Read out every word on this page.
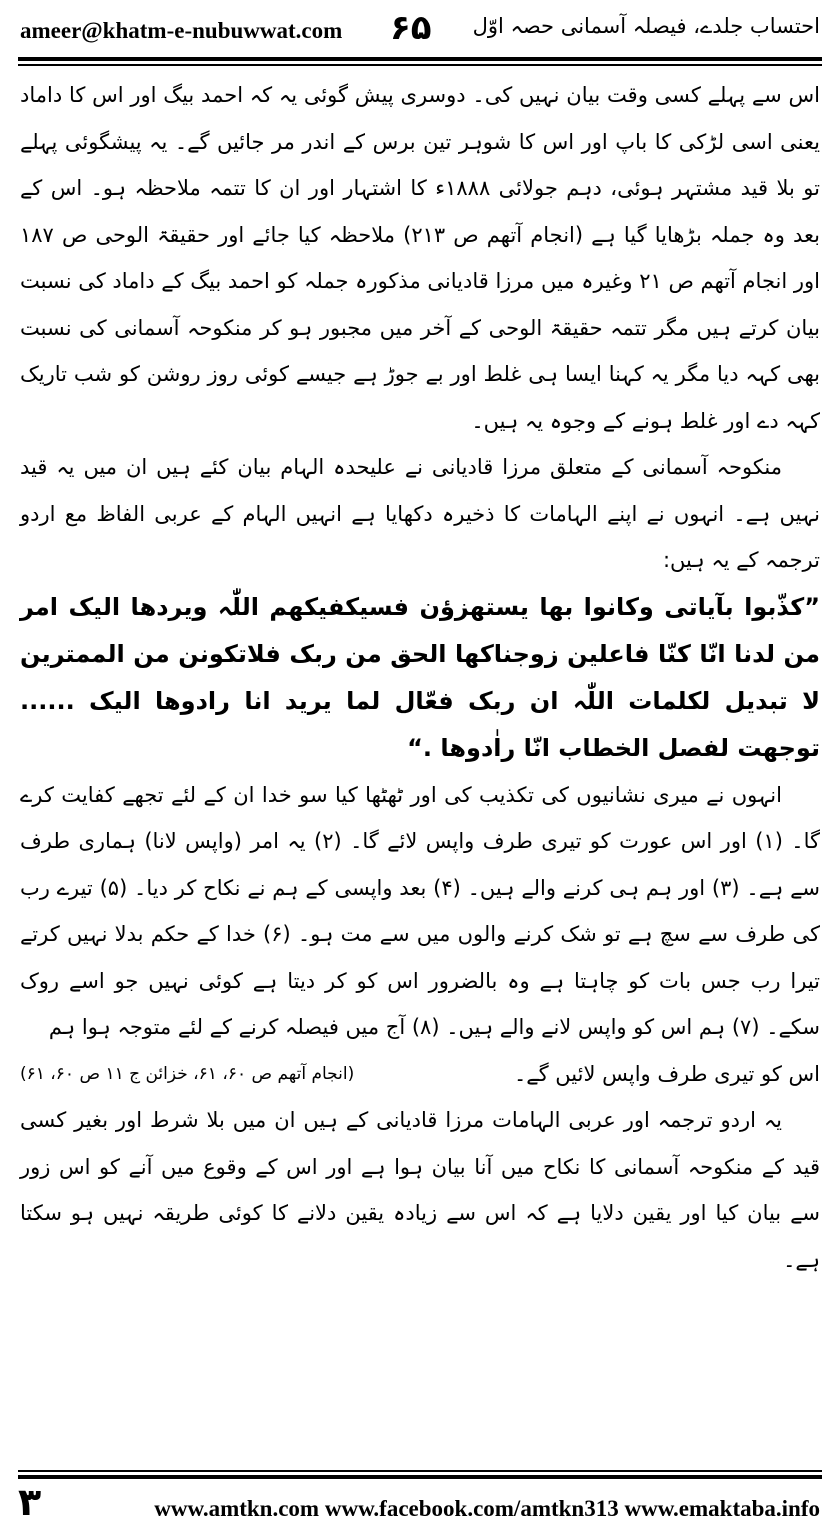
ameer@khatm-e-nubuwwat.com ۶۵ احتساب جلدے، فیصلہ آسمانی حصہ اوّل

اس سے پہلے کسی وقت بیان نہیں کی۔ دوسری پیش گوئی یہ کہ احمد بیگ اور اس کا داماد یعنی اسی لڑکی کا باپ اور اس کا شوہر تین برس کے اندر مر جائیں گے۔ یہ پیشگوئی پہلے تو بلا قید مشتہر ہوئی، دہم جولائی ۱۸۸۸ء کا اشتہار اور ان کا تتمہ ملاحظہ ہو۔ اس کے بعد وہ جملہ بڑھایا گیا ہے (انجام آتھم ص ۲۱۳) ملاحظہ کیا جائے اور حقیقۃ الوحی ص ۱۸۷ اور انجام آتھم ص ۲۱ وغیرہ میں مرزا قادیانی مذکورہ جملہ کو احمد بیگ کے داماد کی نسبت بیان کرتے ہیں مگر تتمہ حقیقۃ الوحی کے آخر میں مجبور ہو کر منکوحہ آسمانی کی نسبت بھی کہہ دیا مگر یہ کہنا ایسا ہی غلط اور بے جوڑ ہے جیسے کوئی روز روشن کو شب تاریک کہہ دے اور غلط ہونے کے وجوہ یہ ہیں۔

منکوحہ آسمانی کے متعلق مرزا قادیانی نے علیحدہ الہام بیان کئے ہیں ان میں یہ قید نہیں ہے۔ انہوں نے اپنے الہامات کا ذخیرہ دکھایا ہے انہیں الہام کے عربی الفاظ مع اردو ترجمہ کے یہ ہیں:

”کذّبوا بآیاتی وکانوا بھا یستھزؤن فسیکفیکھم اللّٰہ ویردھا الیک امر من لدنا انّا کنّا فاعلین زوجناکھا الحق من ربک فلاتکونن من الممترین لا تبدیل لکلمات اللّٰہ ان ربک فعّال لما یرید انا رادوھا الیک ...... توجھت لفصل الخطاب انّا راٰدوھا .“

انہوں نے میری نشانیوں کی تکذیب کی اور ٹھٹھا کیا سو خدا ان کے لئے تجھے کفایت کرے گا۔ (۱) اور اس عورت کو تیری طرف واپس لائے گا۔ (۲) یہ امر (واپس لانا) ہماری طرف سے ہے۔ (۳) اور ہم ہی کرنے والے ہیں۔ (۴) بعد واپسی کے ہم نے نکاح کر دیا۔ (۵) تیرے رب کی طرف سے سچ ہے تو شک کرنے والوں میں سے مت ہو۔ (۶) خدا کے حکم بدلا نہیں کرتے تیرا رب جس بات کو چاہتا ہے وہ بالضرور اس کو کر دیتا ہے کوئی نہیں جو اسے روک سکے۔ (۷) ہم اس کو واپس لانے والے ہیں۔ (۸) آج میں فیصلہ کرنے کے لئے متوجہ ہوا ہم

اس کو تیری طرف واپس لائیں گے۔
(انجام آتھم ص ۶۰، ۶۱، خزائن ج ۱۱ ص ۶۰، ۶۱)

یہ اردو ترجمہ اور عربی الہامات مرزا قادیانی کے ہیں ان میں بلا شرط اور بغیر کسی قید کے منکوحہ آسمانی کا نکاح میں آنا بیان ہوا ہے اور اس کے وقوع میں آنے کو اس زور سے بیان کیا اور یقین دلایا ہے کہ اس سے زیادہ یقین دلانے کا کوئی طریقہ نہیں ہو سکتا ہے۔

۳	www.amtkn.com www.facebook.com/amtkn313 www.emaktaba.info
